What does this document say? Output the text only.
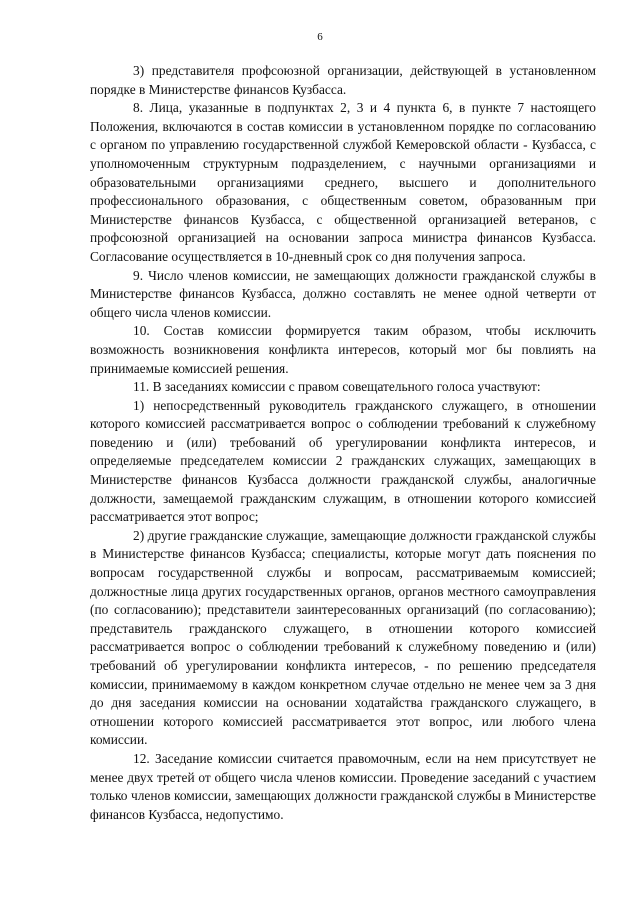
6

3) представителя профсоюзной организации, действующей в установленном порядке в Министерстве финансов Кузбасса.

8. Лица, указанные в подпунктах 2, 3 и 4 пункта 6, в пункте 7 настоящего Положения, включаются в состав комиссии в установленном порядке по согласованию с органом по управлению государственной службой Кемеровской области - Кузбасса, с уполномоченным структурным подразделением, с научными организациями и образовательными организациями среднего, высшего и дополнительного профессионального образования, с общественным советом, образованным при Министерстве финансов Кузбасса, с общественной организацией ветеранов, с профсоюзной организацией на основании запроса министра финансов Кузбасса. Согласование осуществляется в 10-дневный срок со дня получения запроса.

9. Число членов комиссии, не замещающих должности гражданской службы в Министерстве финансов Кузбасса, должно составлять не менее одной четверти от общего числа членов комиссии.

10. Состав комиссии формируется таким образом, чтобы исключить возможность возникновения конфликта интересов, который мог бы повлиять на принимаемые комиссией решения.

11. В заседаниях комиссии с правом совещательного голоса участвуют:

1) непосредственный руководитель гражданского служащего, в отношении которого комиссией рассматривается вопрос о соблюдении требований к служебному поведению и (или) требований об урегулировании конфликта интересов, и определяемые председателем комиссии 2 гражданских служащих, замещающих в Министерстве финансов Кузбасса должности гражданской службы, аналогичные должности, замещаемой гражданским служащим, в отношении которого комиссией рассматривается этот вопрос;

2) другие гражданские служащие, замещающие должности гражданской службы в Министерстве финансов Кузбасса; специалисты, которые могут дать пояснения по вопросам государственной службы и вопросам, рассматриваемым комиссией; должностные лица других государственных органов, органов местного самоуправления (по согласованию); представители заинтересованных организаций (по согласованию); представитель гражданского служащего, в отношении которого комиссией рассматривается вопрос о соблюдении требований к служебному поведению и (или) требований об урегулировании конфликта интересов, - по решению председателя комиссии, принимаемому в каждом конкретном случае отдельно не менее чем за 3 дня до дня заседания комиссии на основании ходатайства гражданского служащего, в отношении которого комиссией рассматривается этот вопрос, или любого члена комиссии.

12. Заседание комиссии считается правомочным, если на нем присутствует не менее двух третей от общего числа членов комиссии. Проведение заседаний с участием только членов комиссии, замещающих должности гражданской службы в Министерстве финансов Кузбасса, недопустимо.
